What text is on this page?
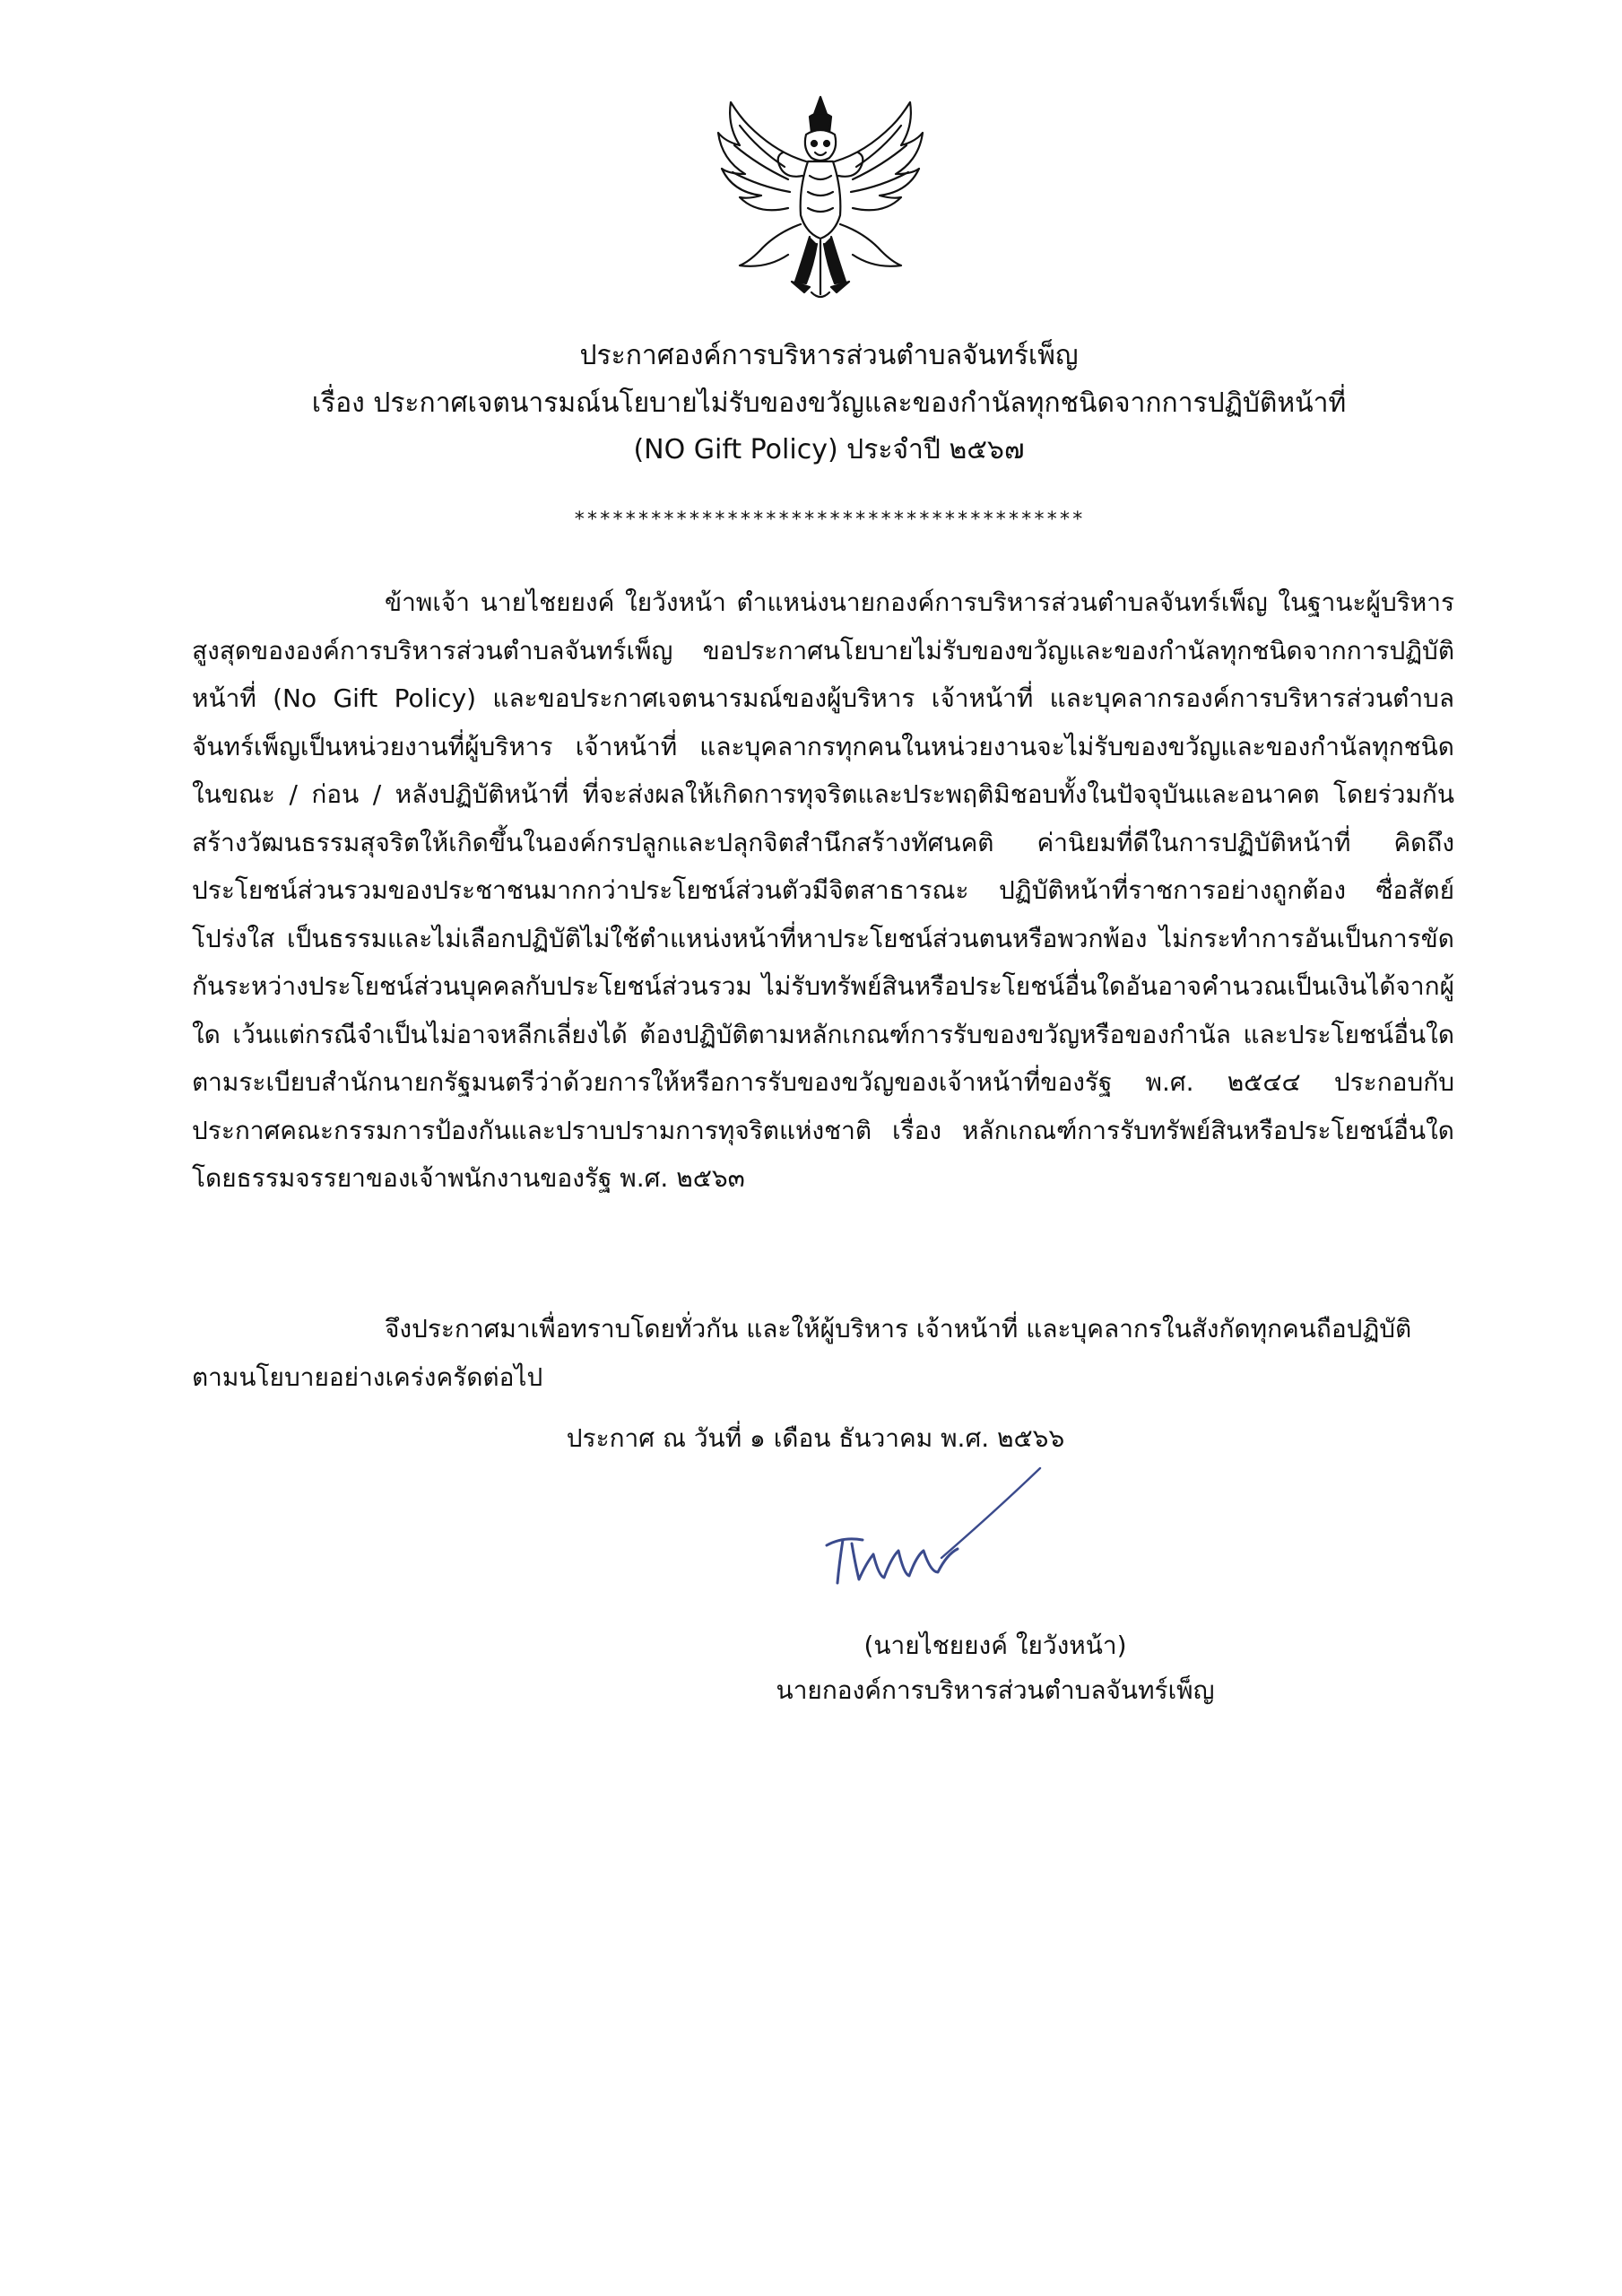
ประกาศองค์การบริหารส่วนตำบลจันทร์เพ็ญ
เรื่อง ประกาศเจตนารมณ์นโยบายไม่รับของขวัญและของกำนัลทุกชนิดจากการปฏิบัติหน้าที่
(NO Gift Policy) ประจำปี ๒๕๖๗
****************************************

ข้าพเจ้า นายไชยยงค์ ใยวังหน้า ตำแหน่งนายกองค์การบริหารส่วนตำบลจันทร์เพ็ญ ในฐานะผู้บริหารสูงสุดขององค์การบริหารส่วนตำบลจันทร์เพ็ญ ขอประกาศนโยบายไม่รับของขวัญและของกำนัลทุกชนิดจากการปฏิบัติหน้าที่ (No Gift Policy) และขอประกาศเจตนารมณ์ของผู้บริหาร เจ้าหน้าที่ และบุคลากรองค์การบริหารส่วนตำบลจันทร์เพ็ญเป็นหน่วยงานที่ผู้บริหาร เจ้าหน้าที่ และบุคลากรทุกคนในหน่วยงานจะไม่รับของขวัญและของกำนัลทุกชนิดในขณะ / ก่อน / หลังปฏิบัติหน้าที่ ที่จะส่งผลให้เกิดการทุจริตและประพฤติมิชอบทั้งในปัจจุบันและอนาคต โดยร่วมกันสร้างวัฒนธรรมสุจริตให้เกิดขึ้นในองค์กรปลูกและปลุกจิตสำนึกสร้างทัศนคติ ค่านิยมที่ดีในการปฏิบัติหน้าที่ คิดถึงประโยชน์ส่วนรวมของประชาชนมากกว่าประโยชน์ส่วนตัวมีจิตสาธารณะ ปฏิบัติหน้าที่ราชการอย่างถูกต้อง ซื่อสัตย์ โปร่งใส เป็นธรรมและไม่เลือกปฏิบัติไม่ใช้ตำแหน่งหน้าที่หาประโยชน์ส่วนตนหรือพวกพ้อง ไม่กระทำการอันเป็นการขัดกันระหว่างประโยชน์ส่วนบุคคลกับประโยชน์ส่วนรวม ไม่รับทรัพย์สินหรือประโยชน์อื่นใดอันอาจคำนวณเป็นเงินได้จากผู้ใด เว้นแต่กรณีจำเป็นไม่อาจหลีกเลี่ยงได้ ต้องปฏิบัติตามหลักเกณฑ์การรับของขวัญหรือของกำนัล และประโยชน์อื่นใดตามระเบียบสำนักนายกรัฐมนตรีว่าด้วยการให้หรือการรับของขวัญของเจ้าหน้าที่ของรัฐ พ.ศ. ๒๕๔๔ ประกอบกับ ประกาศคณะกรรมการป้องกันและปราบปรามการทุจริตแห่งชาติ เรื่อง หลักเกณฑ์การรับทรัพย์สินหรือประโยชน์อื่นใดโดยธรรมจรรยาของเจ้าพนักงานของรัฐ พ.ศ. ๒๕๖๓

จึงประกาศมาเพื่อทราบโดยทั่วกัน และให้ผู้บริหาร เจ้าหน้าที่ และบุคลากรในสังกัดทุกคนถือปฏิบัติตามนโยบายอย่างเคร่งครัดต่อไป

ประกาศ ณ วันที่ ๑ เดือน ธันวาคม พ.ศ. ๒๕๖๖
(นายไชยยงค์ ใยวังหน้า)
นายกองค์การบริหารส่วนตำบลจันทร์เพ็ญ
